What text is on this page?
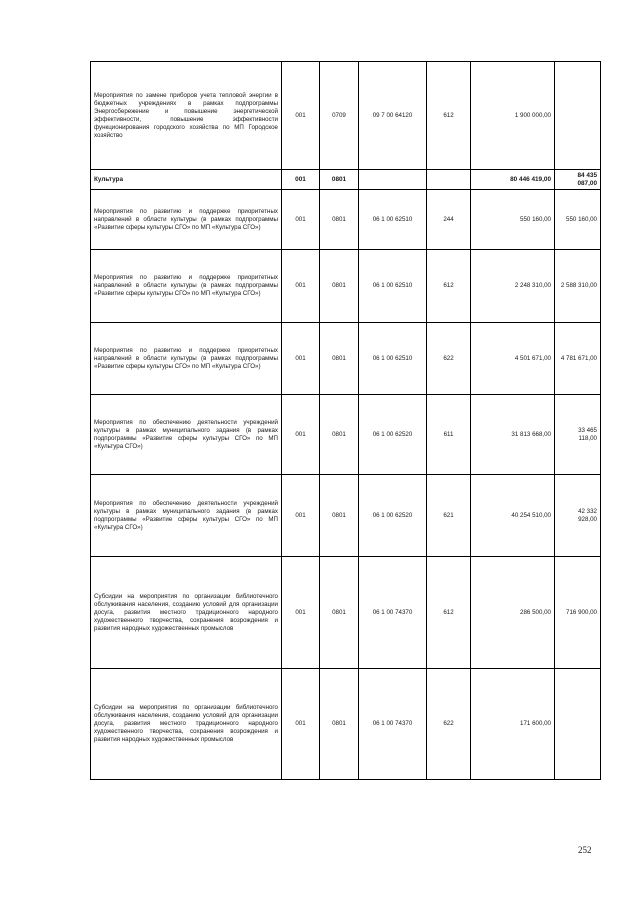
Мероприятия по замене приборов учета тепловой энергии в бюджетных учреждениях в рамках подпрограммы Энергосбережение и повышение энергетической эффективности, повышение эффективности функционирования городского хозяйства по МП Городское хозяйство	001	0709	09 7 00 64120	612	1 900 000,00	
Культура	001	0801			80 446 419,00	84 435 087,00
Мероприятия по развитию и поддержке приоритетных направлений в области культуры (в рамках подпрограммы «Развитие сферы культуры СГО» по МП «Культура СГО»)	001	0801	06 1 00 62510	244	550 160,00	550 160,00
Мероприятия по развитию и поддержке приоритетных направлений в области культуры (в рамках подпрограммы «Развитие сферы культуры СГО» по МП «Культура СГО»)	001	0801	06 1 00 62510	612	2 248 310,00	2 588 310,00
Мероприятия по развитию и поддержке приоритетных направлений в области культуры (в рамках подпрограммы «Развитие сферы культуры СГО» по МП «Культура СГО»)	001	0801	06 1 00 62510	622	4 501 671,00	4 781 671,00
Мероприятия по обеспечению деятельности учреждений культуры в рамках муниципального задания (в рамках подпрограммы «Развитие сферы культуры СГО» по МП «Культура СГО»)	001	0801	06 1 00 62520	611	31 813 668,00	33 465 118,00
Мероприятия по обеспечению деятельности учреждений культуры в рамках муниципального задания (в рамках подпрограммы «Развитие сферы культуры СГО» по МП «Культура СГО»)	001	0801	06 1 00 62520	621	40 254 510,00	42 332 928,00
Субсидии на мероприятия по организации библиотечного обслуживания населения, созданию условий для организации досуга, развития местного традиционного народного художественного творчества, сохранения возрождения и развития народных художественных промыслов	001	0801	06 1 00 74370	612	286 500,00	716 900,00
Субсидии на мероприятия по организации библиотечного обслуживания населения, созданию условий для организации досуга, развития местного традиционного народного художественного творчества, сохранения возрождения и развития народных художественных промыслов	001	0801	06 1 00 74370	622	171 600,00	
252
